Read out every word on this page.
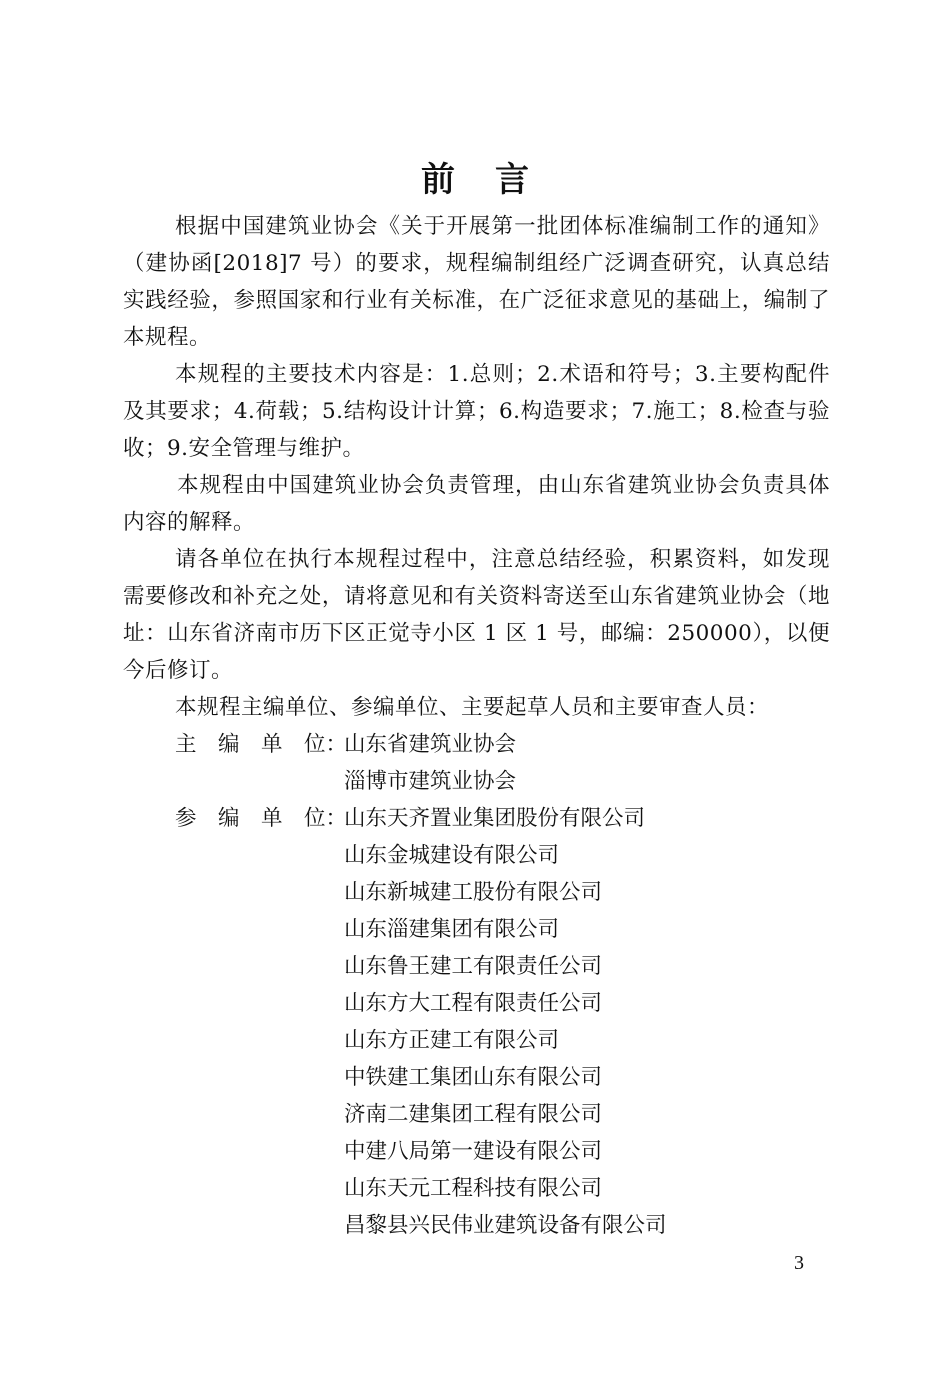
前 言

根据中国建筑业协会《关于开展第一批团体标准编制工作的通知》（建协函[2018]7 号）的要求，规程编制组经广泛调查研究，认真总结实践经验，参照国家和行业有关标准，在广泛征求意见的基础上，编制了本规程。

本规程的主要技术内容是：1.总则；2.术语和符号；3.主要构配件及其要求；4.荷载；5.结构设计计算；6.构造要求；7.施工；8.检查与验收；9.安全管理与维护。

本规程由中国建筑业协会负责管理，由山东省建筑业协会负责具体内容的解释。

请各单位在执行本规程过程中，注意总结经验，积累资料，如发现需要修改和补充之处，请将意见和有关资料寄送至山东省建筑业协会（地址：山东省济南市历下区正觉寺小区 1 区 1 号，邮编：250000），以便今后修订。

本规程主编单位、参编单位、主要起草人员和主要审查人员：

主　编　单　位：
山东省建筑业协会
淄博市建筑业协会
参　编　单　位：
山东天齐置业集团股份有限公司
山东金城建设有限公司
山东新城建工股份有限公司
山东淄建集团有限公司
山东鲁王建工有限责任公司
山东方大工程有限责任公司
山东方正建工有限公司
中铁建工集团山东有限公司
济南二建集团工程有限公司
中建八局第一建设有限公司
山东天元工程科技有限公司
昌黎县兴民伟业建筑设备有限公司
3
